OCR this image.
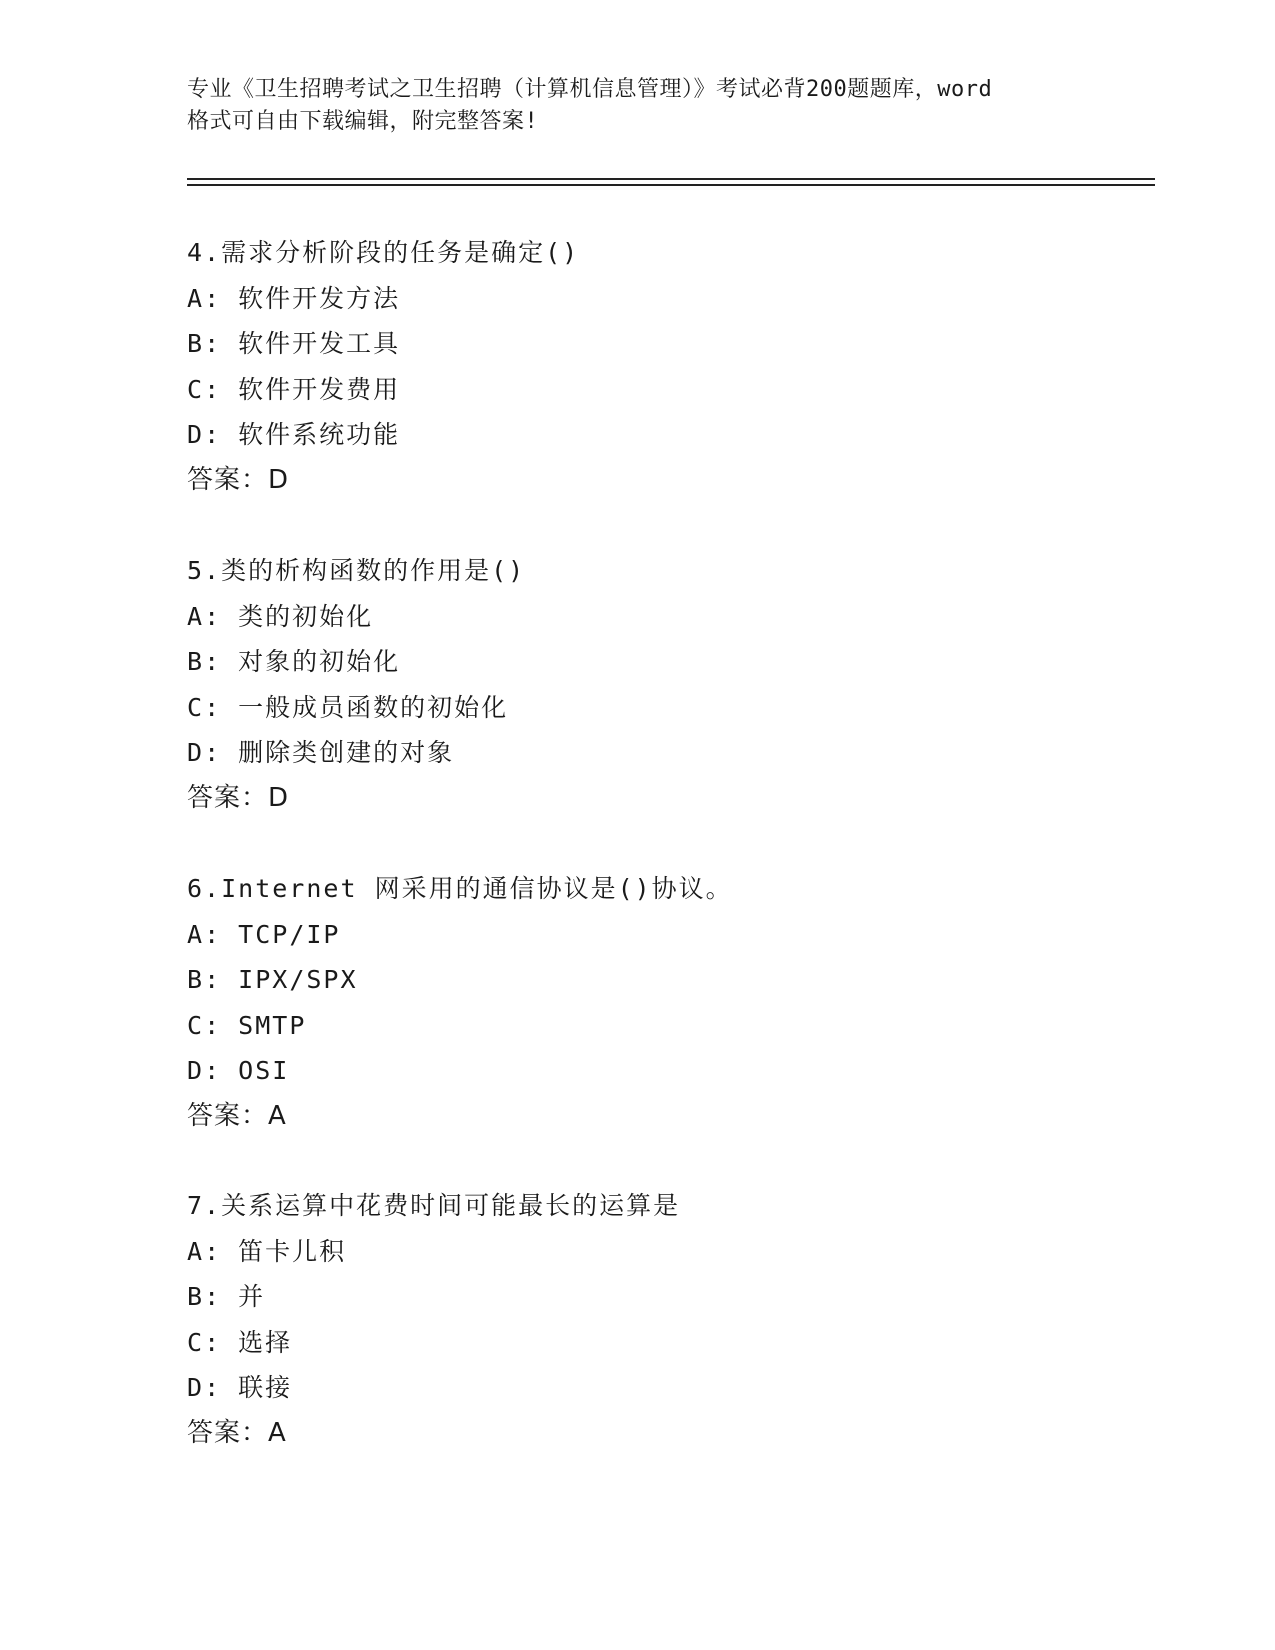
专业《卫生招聘考试之卫生招聘（计算机信息管理）》考试必背200题题库，word
格式可自由下载编辑，附完整答案!
4.需求分析阶段的任务是确定()
A: 软件开发方法
B: 软件开发工具
C: 软件开发费用
D: 软件系统功能
答案：D
5.类的析构函数的作用是()
A: 类的初始化
B: 对象的初始化
C: 一般成员函数的初始化
D: 删除类创建的对象
答案：D
6.Internet 网采用的通信协议是()协议。
A: TCP/IP
B: IPX/SPX
C: SMTP
D: OSI
答案：A
7.关系运算中花费时间可能最长的运算是
A: 笛卡儿积
B: 并
C: 选择
D: 联接
答案：A
